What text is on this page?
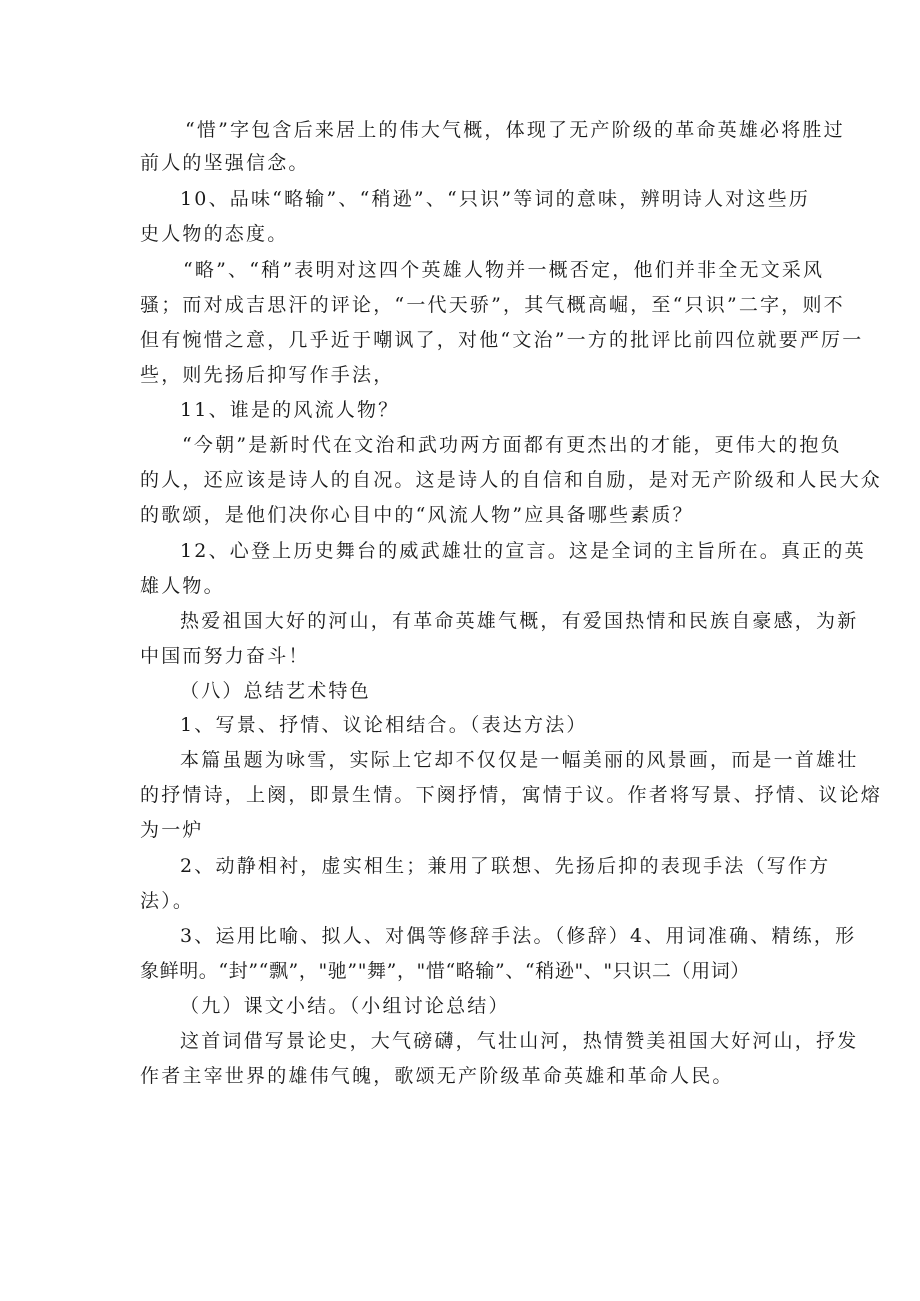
“惜”字包含后来居上的伟大气概，体现了无产阶级的革命英雄必将胜过
前人的坚强信念。
10、品味“略输”、“稍逊”、“只识”等词的意味，辨明诗人对这些历
史人物的态度。
“略”、“稍”表明对这四个英雄人物并一概否定，他们并非全无文采风
骚；而对成吉思汗的评论，“一代天骄”，其气概高崛，至“只识”二字，则不
但有惋惜之意，几乎近于嘲讽了，对他“文治”一方的批评比前四位就要严厉一
些，则先扬后抑写作手法，
11、谁是的风流人物？
“今朝”是新时代在文治和武功两方面都有更杰出的才能，更伟大的抱负
的人，还应该是诗人的自况。这是诗人的自信和自励，是对无产阶级和人民大众
的歌颂，是他们决你心目中的“风流人物”应具备哪些素质？
12、心登上历史舞台的威武雄壮的宣言。这是全词的主旨所在。真正的英
雄人物。
热爱祖国大好的河山，有革命英雄气概，有爱国热情和民族自豪感，为新
中国而努力奋斗！
（八）总结艺术特色
1、写景、抒情、议论相结合。（表达方法）
本篇虽题为咏雪，实际上它却不仅仅是一幅美丽的风景画，而是一首雄壮
的抒情诗，上阕，即景生情。下阕抒情，寓情于议。作者将写景、抒情、议论熔
为一炉
2、动静相衬，虚实相生；兼用了联想、先扬后抑的表现手法（写作方
法）。
3、运用比喻、拟人、对偶等修辞手法。（修辞）4、用词准确、精练，形
象鲜明。“封”“飘”，"驰”"舞”，"惜“略输”、“稍逊"、"只识二（用词）
（九）课文小结。（小组讨论总结）
这首词借写景论史，大气磅礴，气壮山河，热情赞美祖国大好河山，抒发
作者主宰世界的雄伟气魄，歌颂无产阶级革命英雄和革命人民。
